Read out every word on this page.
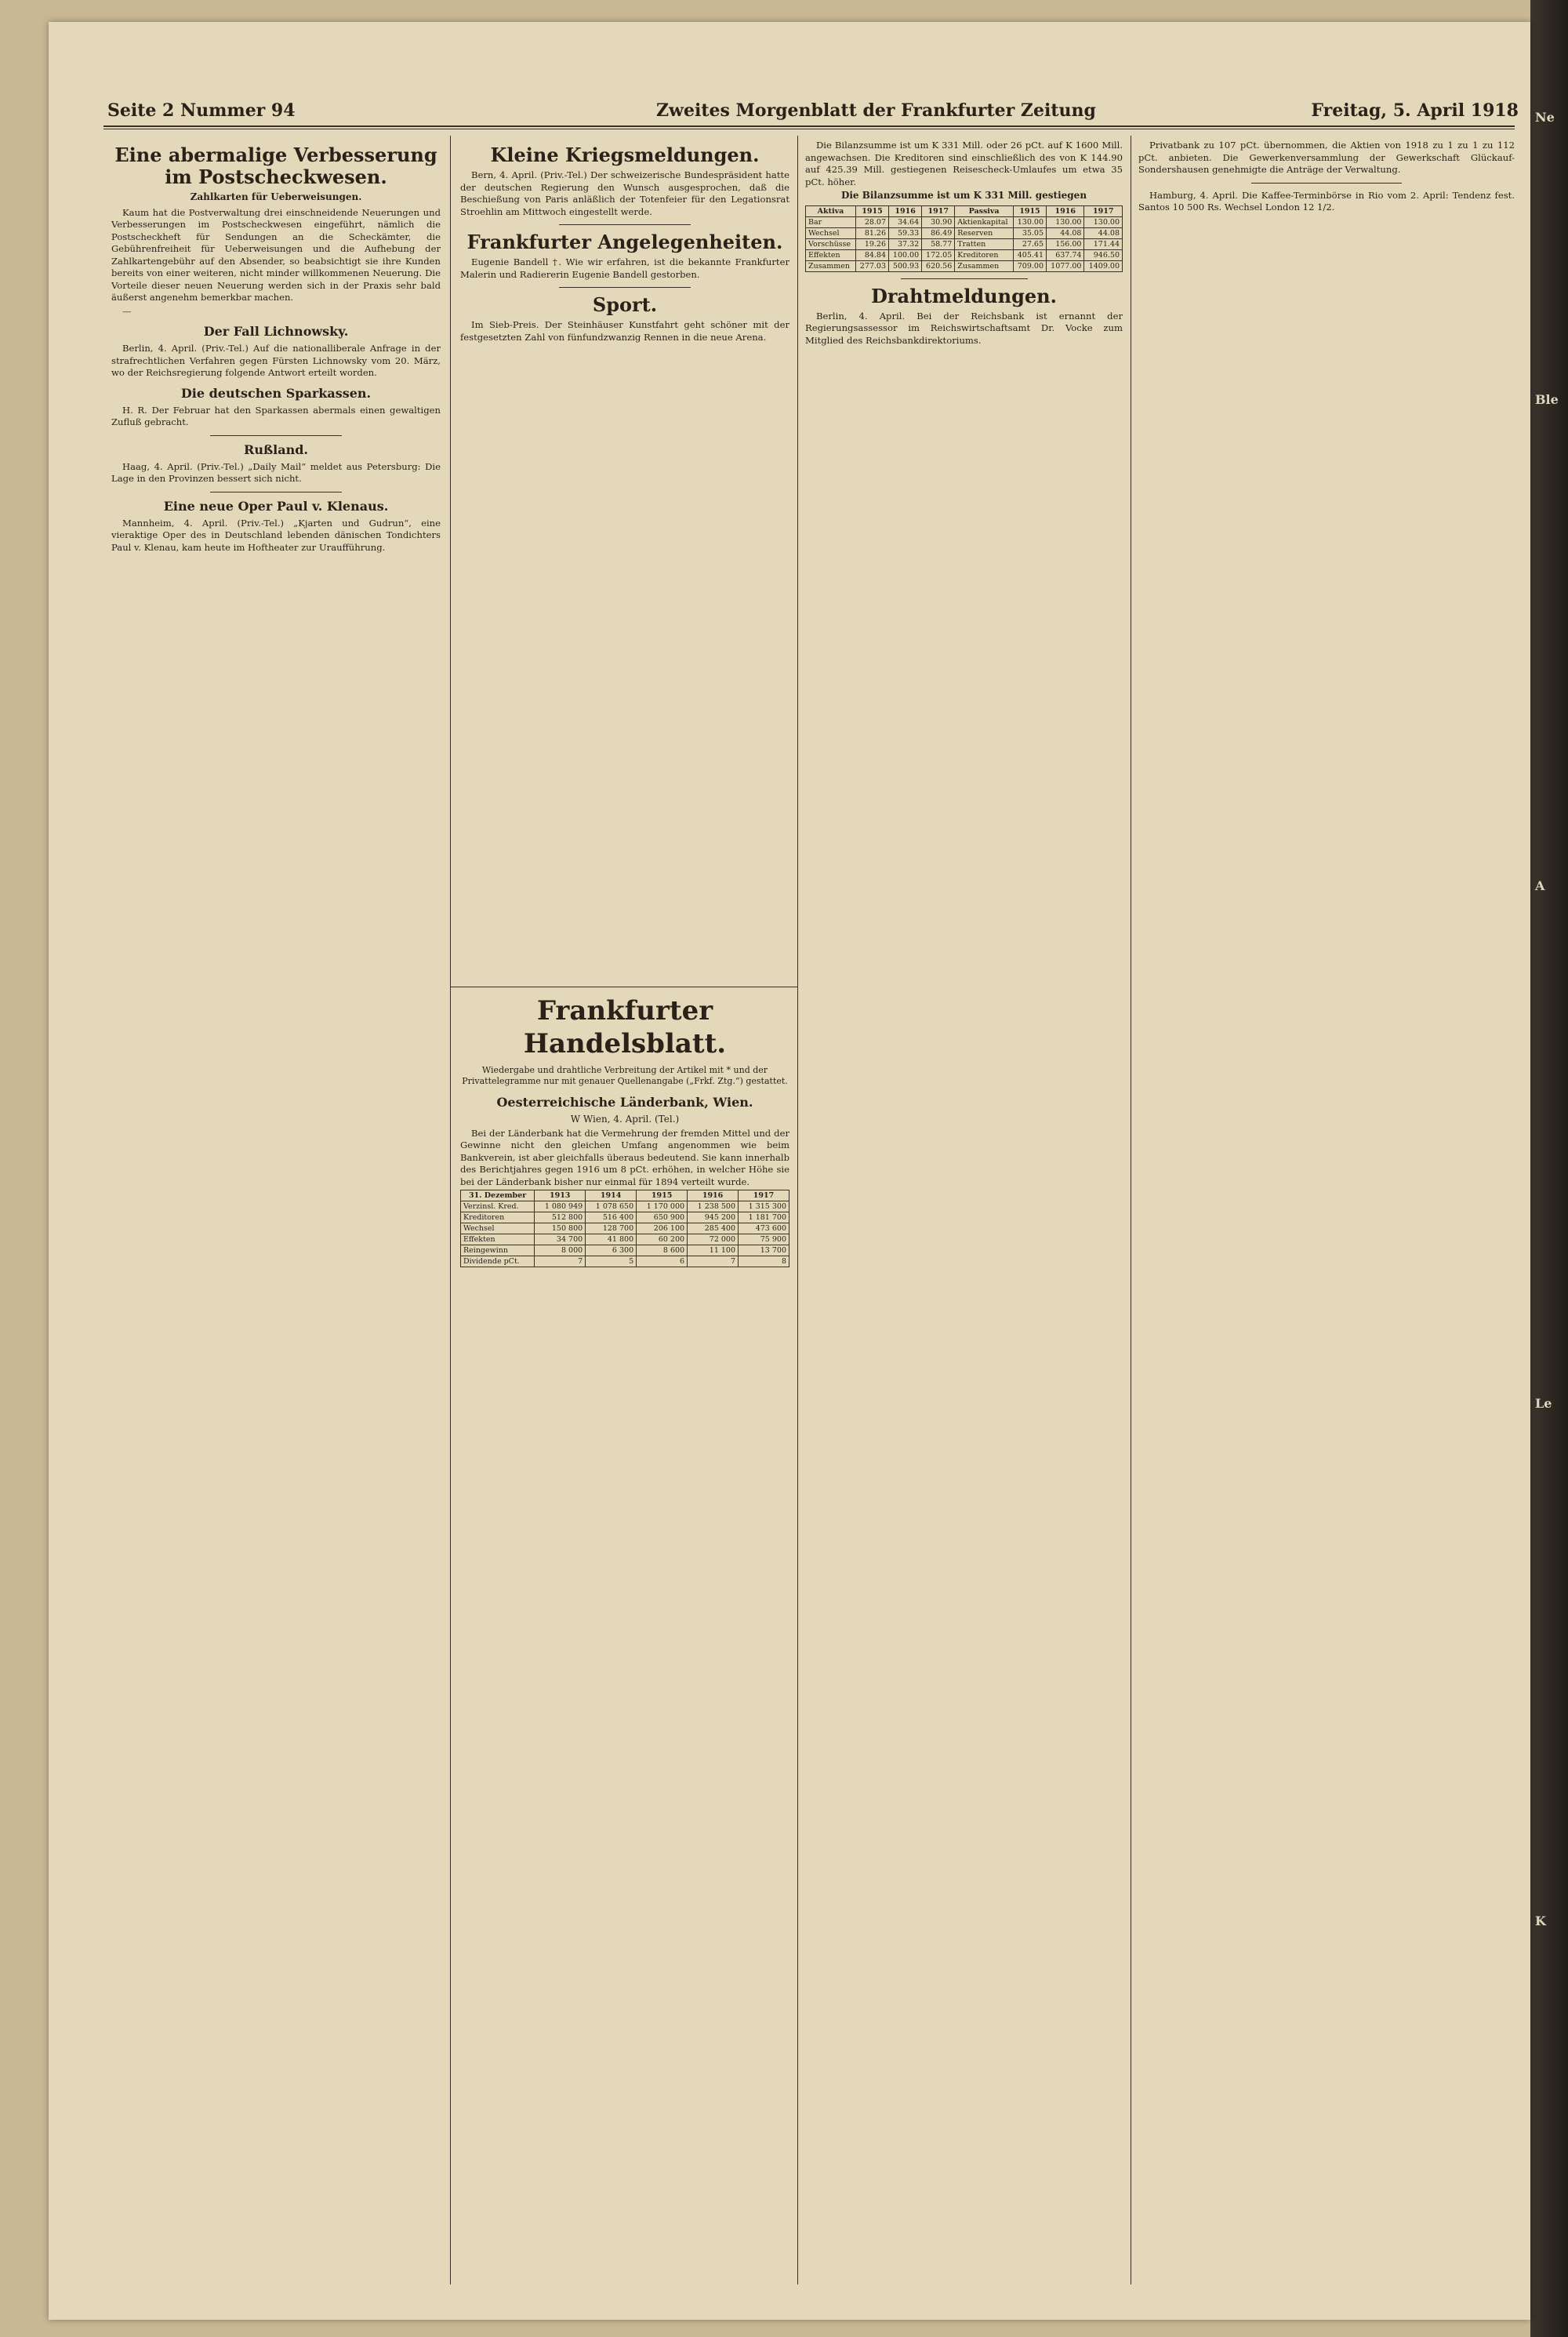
Ne
Ble
A
Le
K
Seite 2 Nummer 94	Zweites Morgenblatt der Frankfurter Zeitung	Freitag, 5. April 1918
Eine abermalige Verbesserung im Postscheckwesen.
Zahlkarten für Ueberweisungen.

Kaum hat die Postverwaltung drei einschneidende Neuerungen und Verbesserungen im Postscheckwesen eingeführt, nämlich die Postscheckheft für Sendungen an die Scheckämter, die Gebührenfreiheit für Ueberweisungen und die Aufhebung der Zahlkartengebühr auf den Absender, so beabsichtigt sie ihre Kunden bereits von einer weiteren, nicht minder willkommenen Neuerung. Die Vorteile dieser neuen Neuerung werden sich in der Praxis sehr bald äußerst angenehm bemerkbar machen.

—

Der Fall Lichnowsky.

Berlin, 4. April. (Priv.-Tel.) Auf die nationalliberale Anfrage in der strafrechtlichen Verfahren gegen Fürsten Lichnowsky vom 20. März, wo der Reichsregierung folgende Antwort erteilt worden.

Die deutschen Sparkassen.

H. R. Der Februar hat den Sparkassen abermals einen gewaltigen Zufluß gebracht.

Rußland.

Haag, 4. April. (Priv.-Tel.) „Daily Mail“ meldet aus Petersburg: Die Lage in den Provinzen bessert sich nicht.

Eine neue Oper Paul v. Klenaus.

Mannheim, 4. April. (Priv.-Tel.) „Kjarten und Gudrun“, eine vieraktige Oper des in Deutschland lebenden dänischen Tondichters Paul v. Klenau, kam heute im Hoftheater zur Uraufführung.

Kleine Kriegsmeldungen.

Bern, 4. April. (Priv.-Tel.) Der schweizerische Bundespräsident hatte der deutschen Regierung den Wunsch ausgesprochen, daß die Beschießung von Paris anläßlich der Totenfeier für den Legationsrat Stroehlin am Mittwoch eingestellt werde.

Frankfurter Angelegenheiten.

Eugenie Bandell †. Wie wir erfahren, ist die bekannte Frankfurter Malerin und Radiererin Eugenie Bandell gestorben.

Sport.

Im Sieb-Preis. Der Steinhäuser Kunstfahrt geht schöner mit der festgesetzten Zahl von fünfundzwanzig Rennen in die neue Arena.

Frankfurter Handelsblatt.
Wiedergabe und drahtliche Verbreitung der Artikel mit * und der Privattelegramme nur mit genauer Quellenangabe („Frkf. Ztg.“) gestattet.
Oesterreichische Länderbank, Wien.
W Wien, 4. April. (Tel.)

Bei der Länderbank hat die Vermehrung der fremden Mittel und der Gewinne nicht den gleichen Umfang angenommen wie beim Bankverein, ist aber gleichfalls überaus bedeutend. Sie kann innerhalb des Berichtjahres gegen 1916 um 8 pCt. erhöhen, in welcher Höhe sie bei der Länderbank bisher nur einmal für 1894 verteilt wurde.

31. Dezember	1913	1914	1915	1916	1917
Verzinsl. Kred.	1 080 949	1 078 650	1 170 000	1 238 500	1 315 300
Kreditoren	512 800	516 400	650 900	945 200	1 181 700
Wechsel	150 800	128 700	206 100	285 400	473 600
Effekten	34 700	41 800	60 200	72 000	75 900
Reingewinn	8 000	6 300	8 600	11 100	13 700
Dividende pCt.	7	5	6	7	8

Die Bilanzsumme ist um K 331 Mill. oder 26 pCt. auf K 1600 Mill. angewachsen. Die Kreditoren sind einschließlich des von K 144.90 auf 425.39 Mill. gestiegenen Reisescheck-Umlaufes um etwa 35 pCt. höher.

Die Bilanzsumme ist um K 331 Mill. gestiegen
Aktiva	1915	1916	1917	Passiva	1915	1916	1917
Bar	28.07	34.64	30.90	Aktienkapital	130.00	130.00	130.00
Wechsel	81.26	59.33	86.49	Reserven	35.05	44.08	44.08
Vorschüsse	19.26	37.32	58.77	Tratten	27.65	156.00	171.44
Effekten	84.84	100.00	172.05	Kreditoren	405.41	637.74	946.50
Zusammen	277.03	500.93	620.56	Zusammen	709.00	1077.00	1409.00
Drahtmeldungen.

Berlin, 4. April. Bei der Reichsbank ist ernannt der Regierungsassessor im Reichswirtschaftsamt Dr. Vocke zum Mitglied des Reichsbankdirektoriums.

Privatbank zu 107 pCt. übernommen, die Aktien von 1918 zu 1 zu 1 zu 112 pCt. anbieten. Die Gewerkenversammlung der Gewerkschaft Glückauf-Sondershausen genehmigte die Anträge der Verwaltung.

Hamburg, 4. April. Die Kaffee-Terminbörse in Rio vom 2. April: Tendenz fest. Santos 10 500 Rs. Wechsel London 12 1/2.
